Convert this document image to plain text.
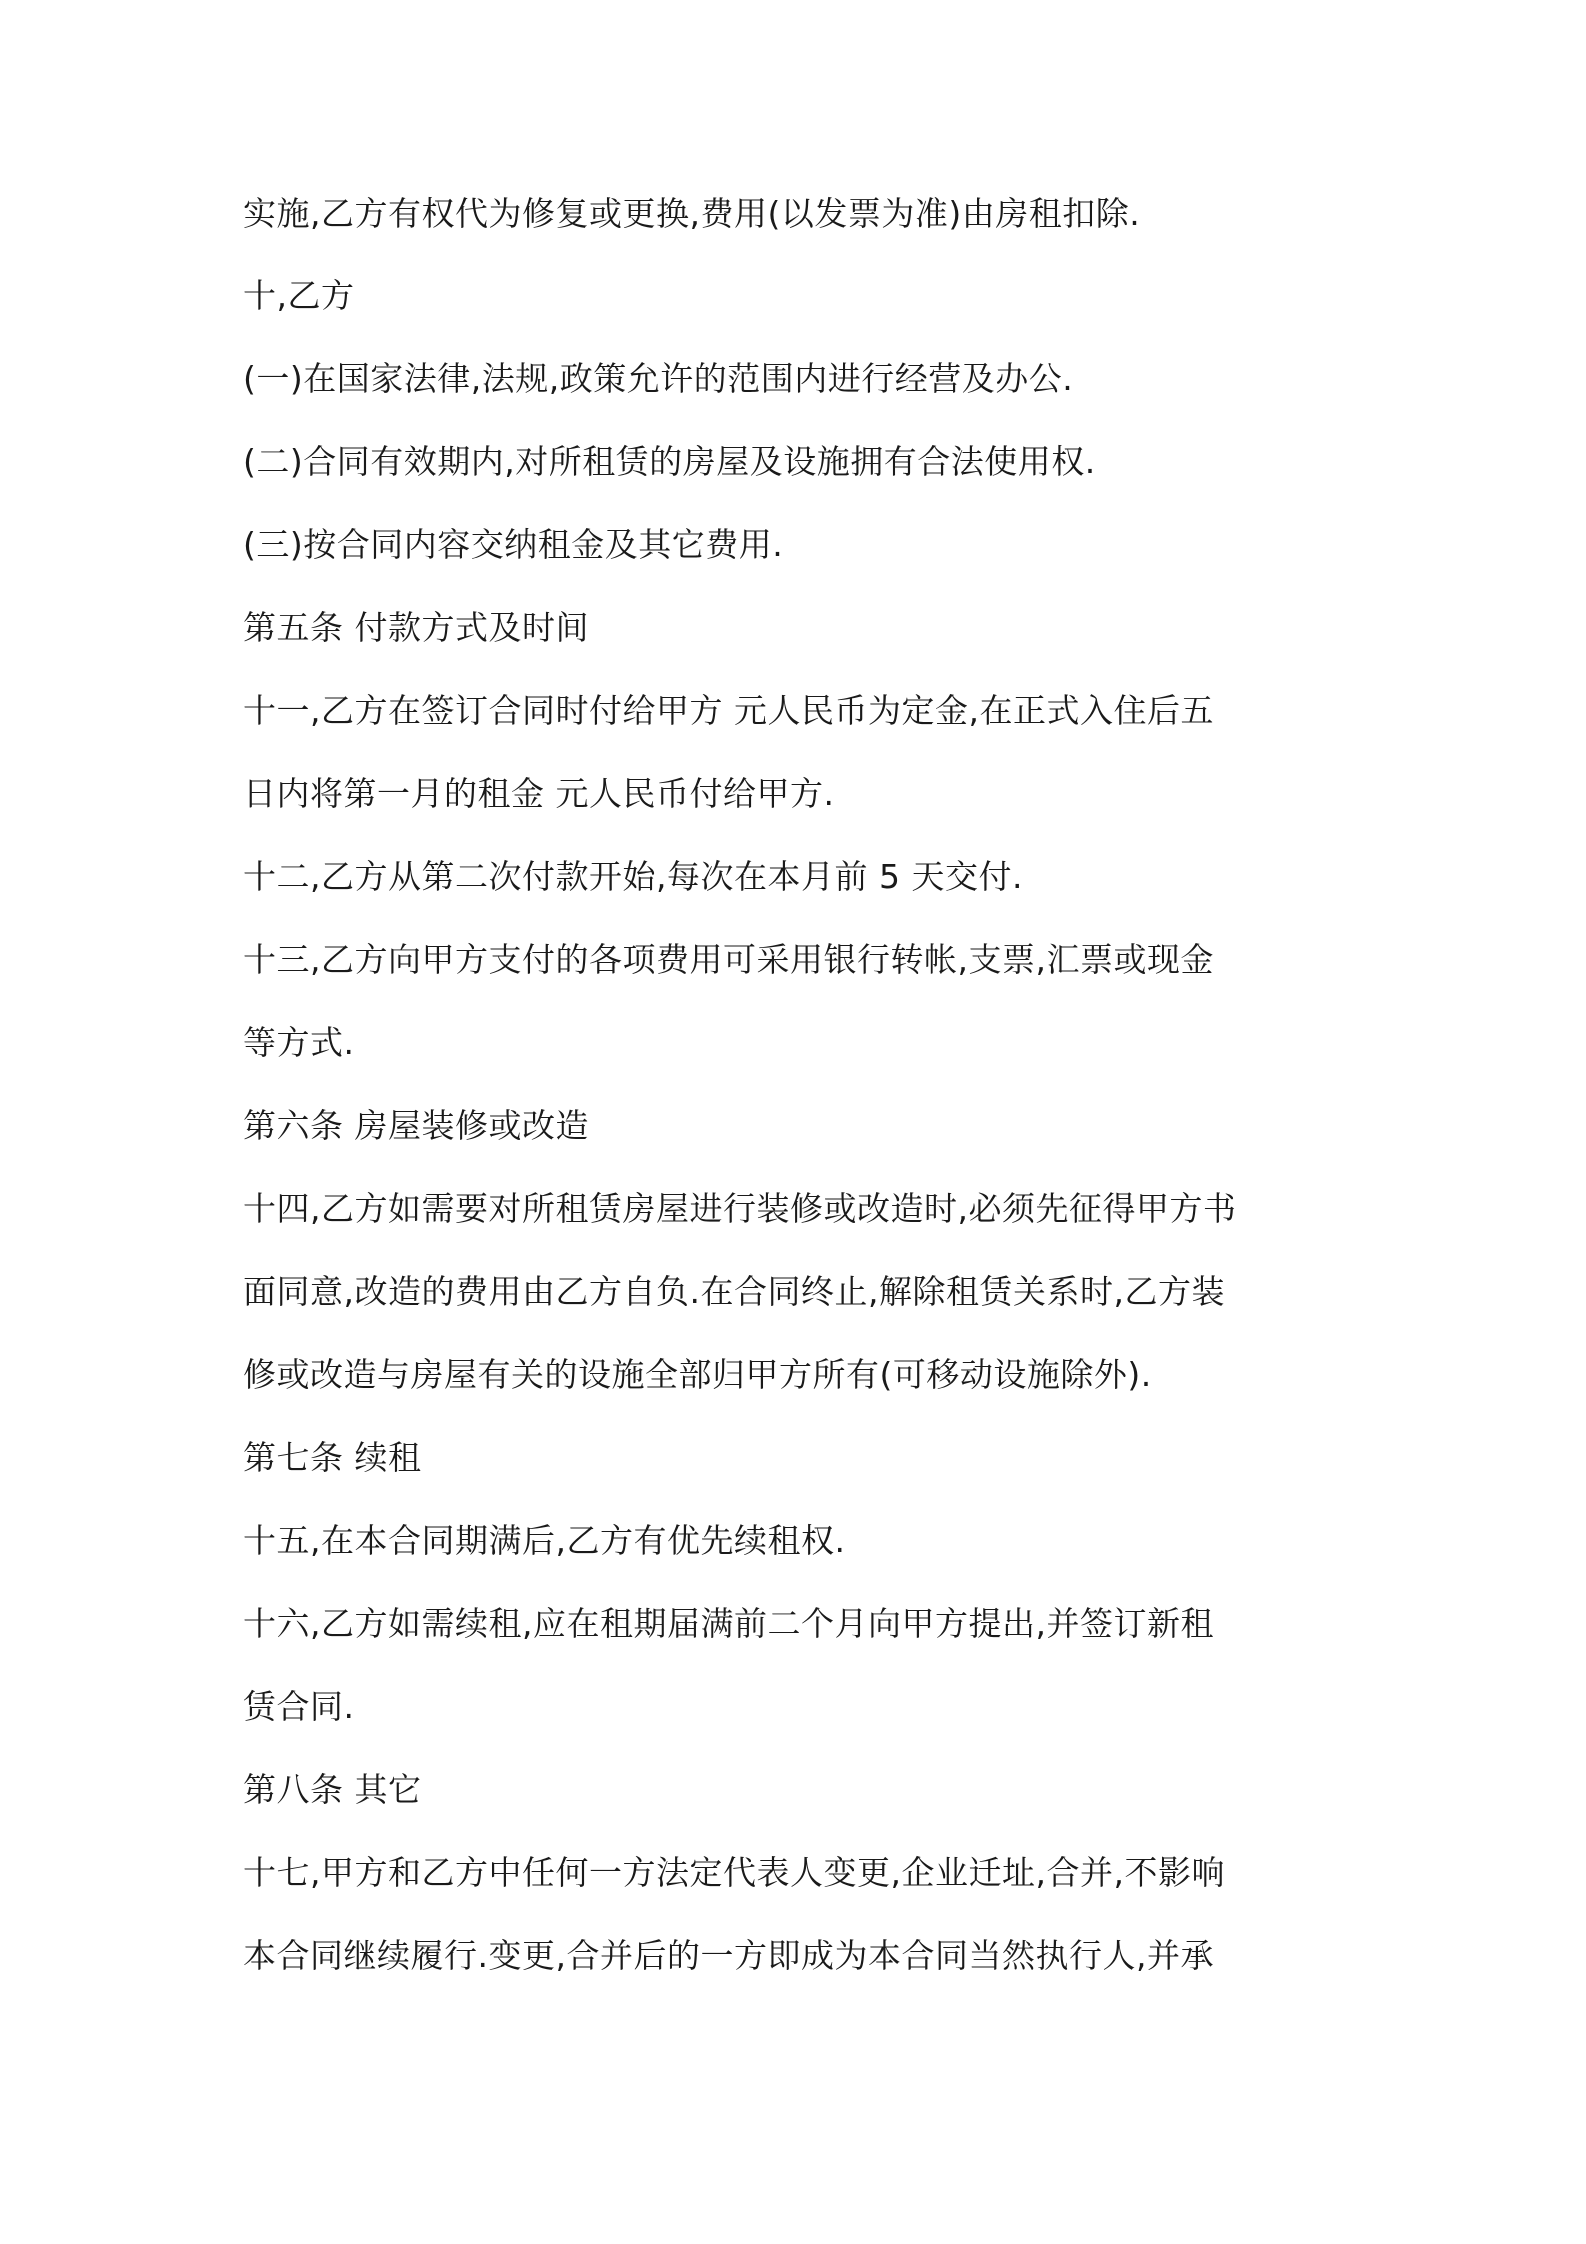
实施,乙方有权代为修复或更换,费用(以发票为准)由房租扣除.
十,乙方
(一)在国家法律,法规,政策允许的范围内进行经营及办公.
(二)合同有效期内,对所租赁的房屋及设施拥有合法使用权.
(三)按合同内容交纳租金及其它费用.
第五条 付款方式及时间
十一,乙方在签订合同时付给甲方 元人民币为定金,在正式入住后五
日内将第一月的租金 元人民币付给甲方.
十二,乙方从第二次付款开始,每次在本月前 5 天交付.
十三,乙方向甲方支付的各项费用可采用银行转帐,支票,汇票或现金
等方式.
第六条 房屋装修或改造
十四,乙方如需要对所租赁房屋进行装修或改造时,必须先征得甲方书
面同意,改造的费用由乙方自负.在合同终止,解除租赁关系时,乙方装
修或改造与房屋有关的设施全部归甲方所有(可移动设施除外).
第七条 续租
十五,在本合同期满后,乙方有优先续租权.
十六,乙方如需续租,应在租期届满前二个月向甲方提出,并签订新租
赁合同.
第八条 其它
十七,甲方和乙方中任何一方法定代表人变更,企业迁址,合并,不影响
本合同继续履行.变更,合并后的一方即成为本合同当然执行人,并承
